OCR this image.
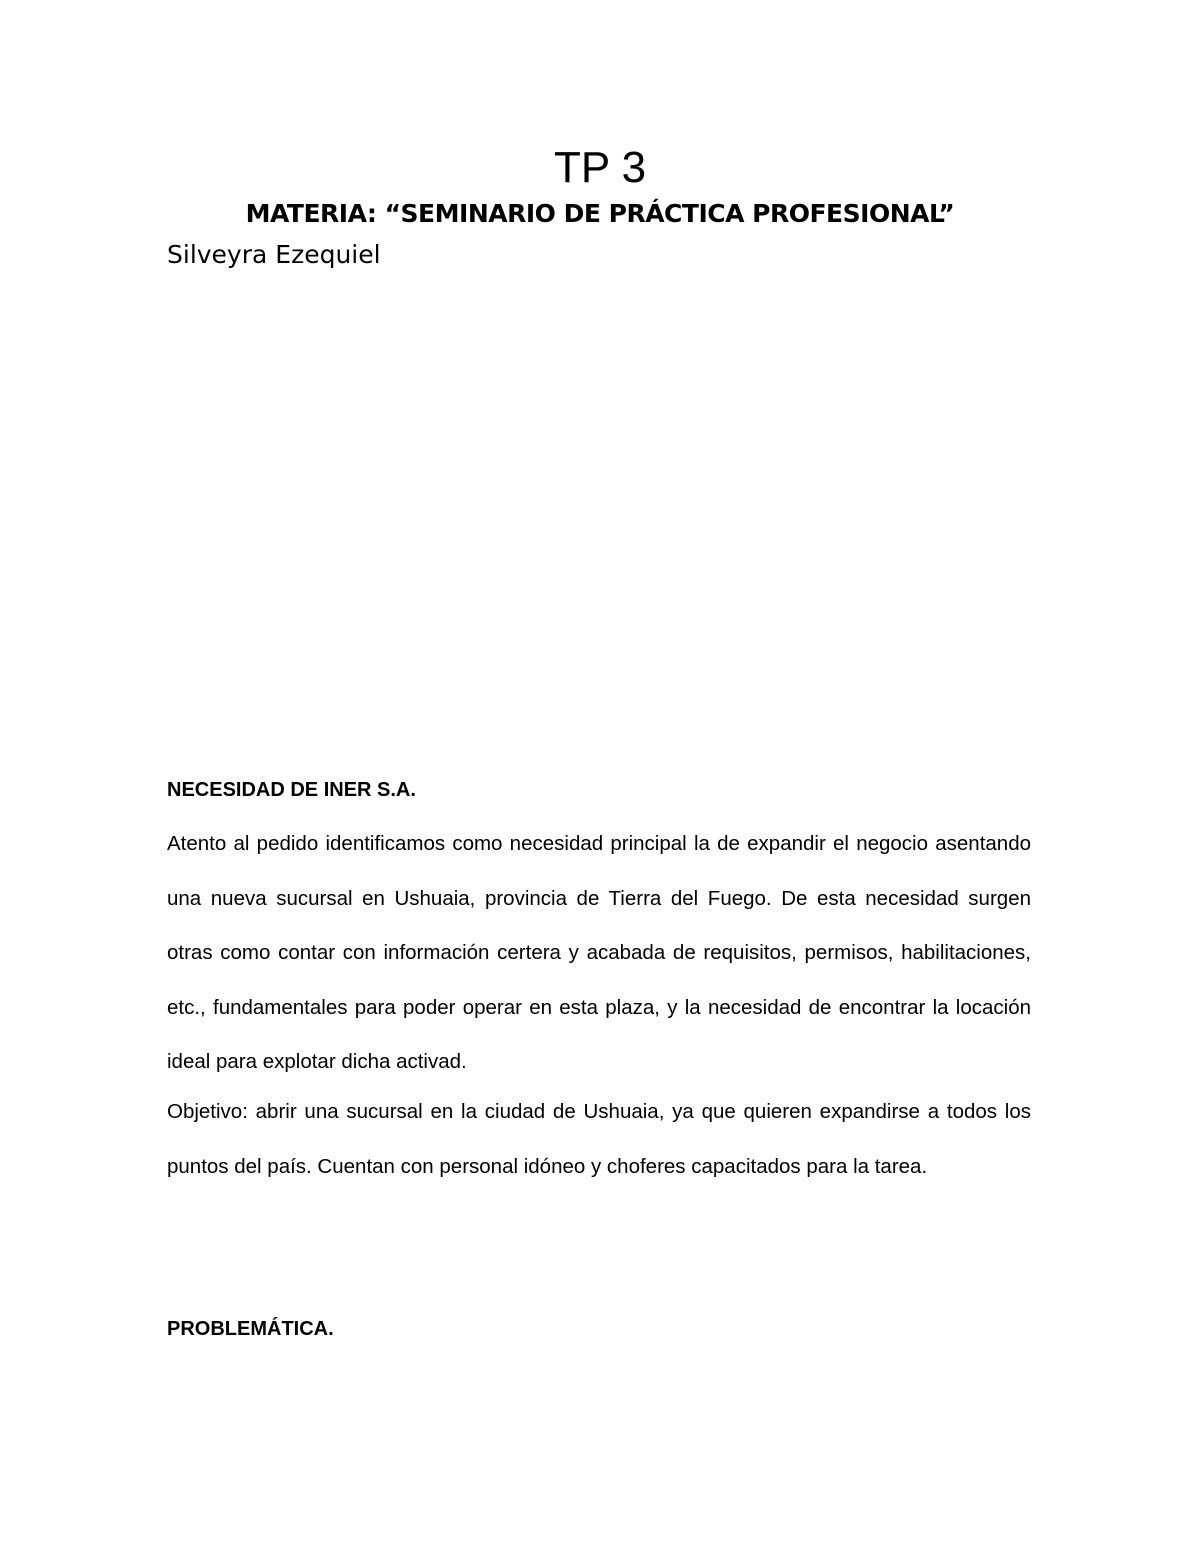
TP 3
MATERIA: “SEMINARIO DE PRÁCTICA PROFESIONAL”

Silveyra Ezequiel

NECESIDAD DE INER S.A.

Atento al pedido identificamos como necesidad principal la de expandir el negocio asentando una nueva sucursal en Ushuaia, provincia de Tierra del Fuego. De esta necesidad surgen otras como contar con información certera y acabada de requisitos, permisos, habilitaciones, etc., fundamentales para poder operar en esta plaza, y la necesidad de encontrar la locación ideal para explotar dicha activad.

Objetivo: abrir una sucursal en la ciudad de Ushuaia, ya que quieren expandirse a todos los puntos del país. Cuentan con personal idóneo y choferes capacitados para la tarea.

PROBLEMÁTICA.
